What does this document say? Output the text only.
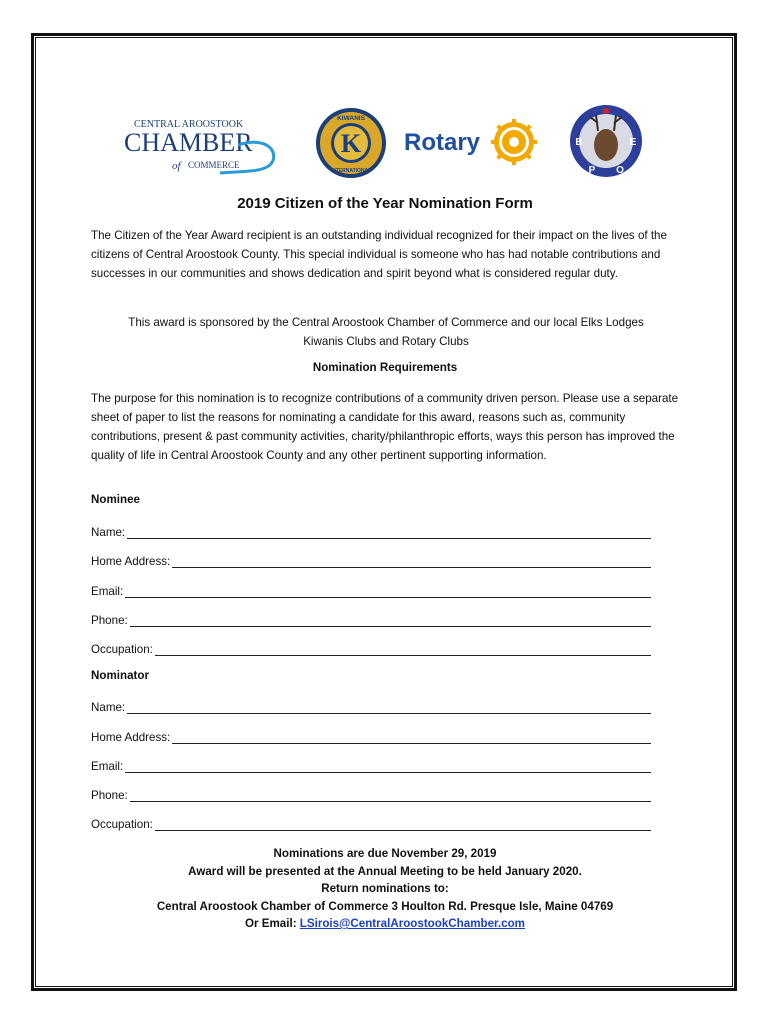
CENTRAL AROOSTOOK
CHAMBER
of COMMERCE
KIWANIS
INTERNATIONAL
K Rotary	B
P O
E
2019 Citizen of the Year Nomination Form
The Citizen of the Year Award recipient is an outstanding individual recognized for their impact on the lives of the citizens of Central Aroostook County. This special individual is someone who has had notable contributions and successes in our communities and shows dedication and spirit beyond what is considered regular duty.
This award is sponsored by the Central Aroostook Chamber of Commerce and our local Elks Lodges
Kiwanis Clubs and Rotary Clubs
Nomination Requirements
The purpose for this nomination is to recognize contributions of a community driven person. Please use a separate sheet of paper to list the reasons for nominating a candidate for this award, reasons such as, community contributions, present & past community activities, charity/philanthropic efforts, ways this person has improved the quality of life in Central Aroostook County and any other pertinent supporting information.
Nominee
Name:
Home Address:
Email:
Phone:
Occupation:
Nominator
Name:
Home Address:
Email:
Phone:
Occupation:
Nominations are due November 29, 2019
Award will be presented at the Annual Meeting to be held January 2020.
Return nominations to:
Central Aroostook Chamber of Commerce 3 Houlton Rd. Presque Isle, Maine 04769
Or Email: LSirois@CentralAroostookChamber.com
